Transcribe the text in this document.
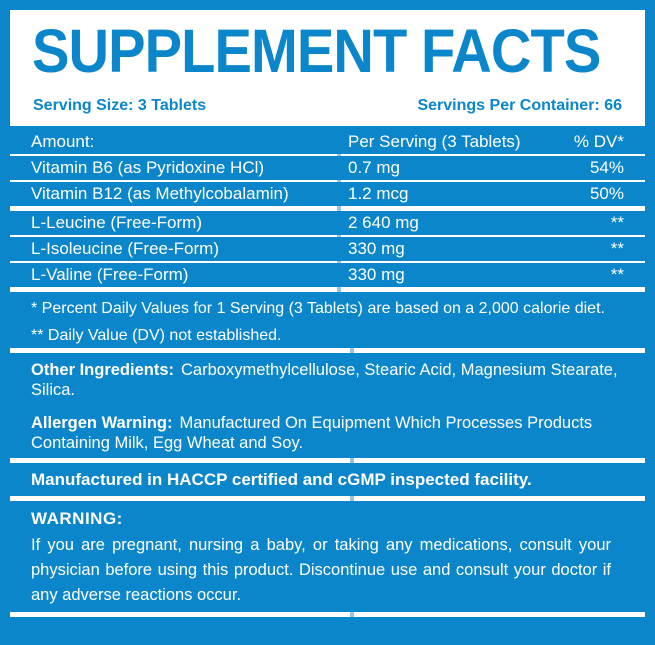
SUPPLEMENT FACTS
Serving Size: 3 Tablets	Servings Per Container: 66
Amount:	Per Serving (3 Tablets)	% DV*
Vitamin B6 (as Pyridoxine HCl)	0.7 mg	54%
Vitamin B12 (as Methylcobalamin)	1.2 mcg	50%
L-Leucine (Free-Form)	2 640 mg	**
L-Isoleucine (Free-Form)	330 mg	**
L-Valine (Free-Form)	330 mg	**

* Percent Daily Values for 1 Serving (3 Tablets) are based on a 2,000 calorie diet.

** Daily Value (DV) not established.

Other Ingredients: Carboxymethylcellulose, Stearic Acid, Magnesium Stearate, Silica.

Allergen Warning: Manufactured On Equipment Which Processes Products Containing Milk, Egg Wheat and Soy.

Manufactured in HACCP certified and cGMP inspected facility.

WARNING:

If you are pregnant, nursing a baby, or taking any medications, consult your physician before using this product. Discontinue use and consult your doctor if any adverse reactions occur.
